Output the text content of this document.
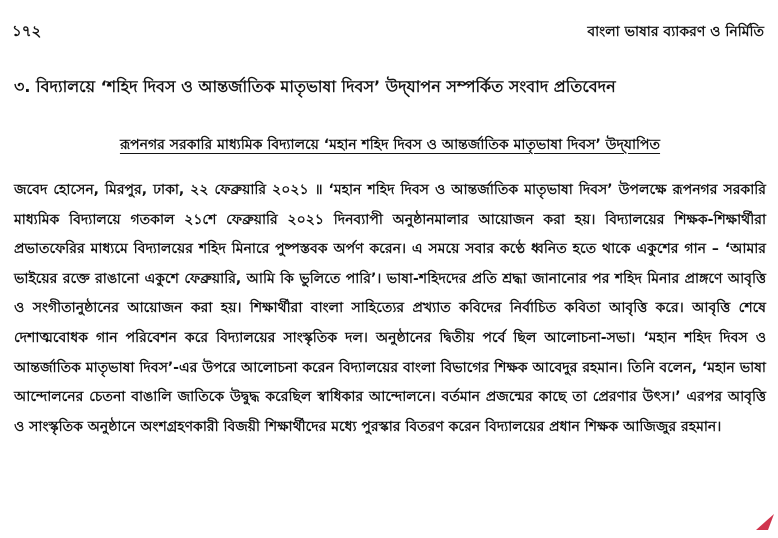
১৭২	বাংলা ভাষার ব্যাকরণ ও নির্মিতি
৩. বিদ্যালয়ে ‘শহিদ দিবস ও আন্তর্জাতিক মাতৃভাষা দিবস’ উদ্‌যাপন সম্পর্কিত সংবাদ প্রতিবেদন
রূপনগর সরকারি মাধ্যমিক বিদ্যালয়ে ‘মহান শহিদ দিবস ও আন্তর্জাতিক মাতৃভাষা দিবস’ উদ্‌যাপিত
জবেদ হোসেন, মিরপুর, ঢাকা, ২২ ফেব্রুয়ারি ২০২১ ॥ ‘মহান শহিদ দিবস ও আন্তর্জাতিক মাতৃভাষা দিবস’ উপলক্ষে রূপনগর সরকারি মাধ্যমিক বিদ্যালয়ে গতকাল ২১শে ফেব্রুয়ারি ২০২১ দিনব্যাপী অনুষ্ঠানমালার আয়োজন করা হয়। বিদ্যালয়ের শিক্ষক-শিক্ষার্থীরা প্রভাতফেরির মাধ্যমে বিদ্যালয়ের শহিদ মিনারে পুষ্পস্তবক অর্পণ করেন। এ সময়ে সবার কণ্ঠে ধ্বনিত হতে থাকে একুশের গান – ‘আমার ভাইয়ের রক্তে রাঙানো একুশে ফেব্রুয়ারি, আমি কি ভুলিতে পারি’। ভাষা-শহিদদের প্রতি শ্রদ্ধা জানানোর পর শহিদ মিনার প্রাঙ্গণে আবৃত্তি ও সংগীতানুষ্ঠানের আয়োজন করা হয়। শিক্ষার্থীরা বাংলা সাহিত্যের প্রখ্যাত কবিদের নির্বাচিত কবিতা আবৃত্তি করে। আবৃত্তি শেষে দেশাত্মবোধক গান পরিবেশন করে বিদ্যালয়ের সাংস্কৃতিক দল। অনুষ্ঠানের দ্বিতীয় পর্বে ছিল আলোচনা-সভা। ‘মহান শহিদ দিবস ও আন্তর্জাতিক মাতৃভাষা দিবস’-এর উপরে আলোচনা করেন বিদ্যালয়ের বাংলা বিভাগের শিক্ষক আবেদুর রহমান। তিনি বলেন, ‘মহান ভাষা আন্দোলনের চেতনা বাঙালি জাতিকে উদ্বুদ্ধ করেছিল স্বাধিকার আন্দোলনে। বর্তমান প্রজন্মের কাছে তা প্রেরণার উৎস।’ এরপর আবৃত্তি ও সাংস্কৃতিক অনুষ্ঠানে অংশগ্রহণকারী বিজয়ী শিক্ষার্থীদের মধ্যে পুরস্কার বিতরণ করেন বিদ্যালয়ের প্রধান শিক্ষক আজিজুর রহমান।
